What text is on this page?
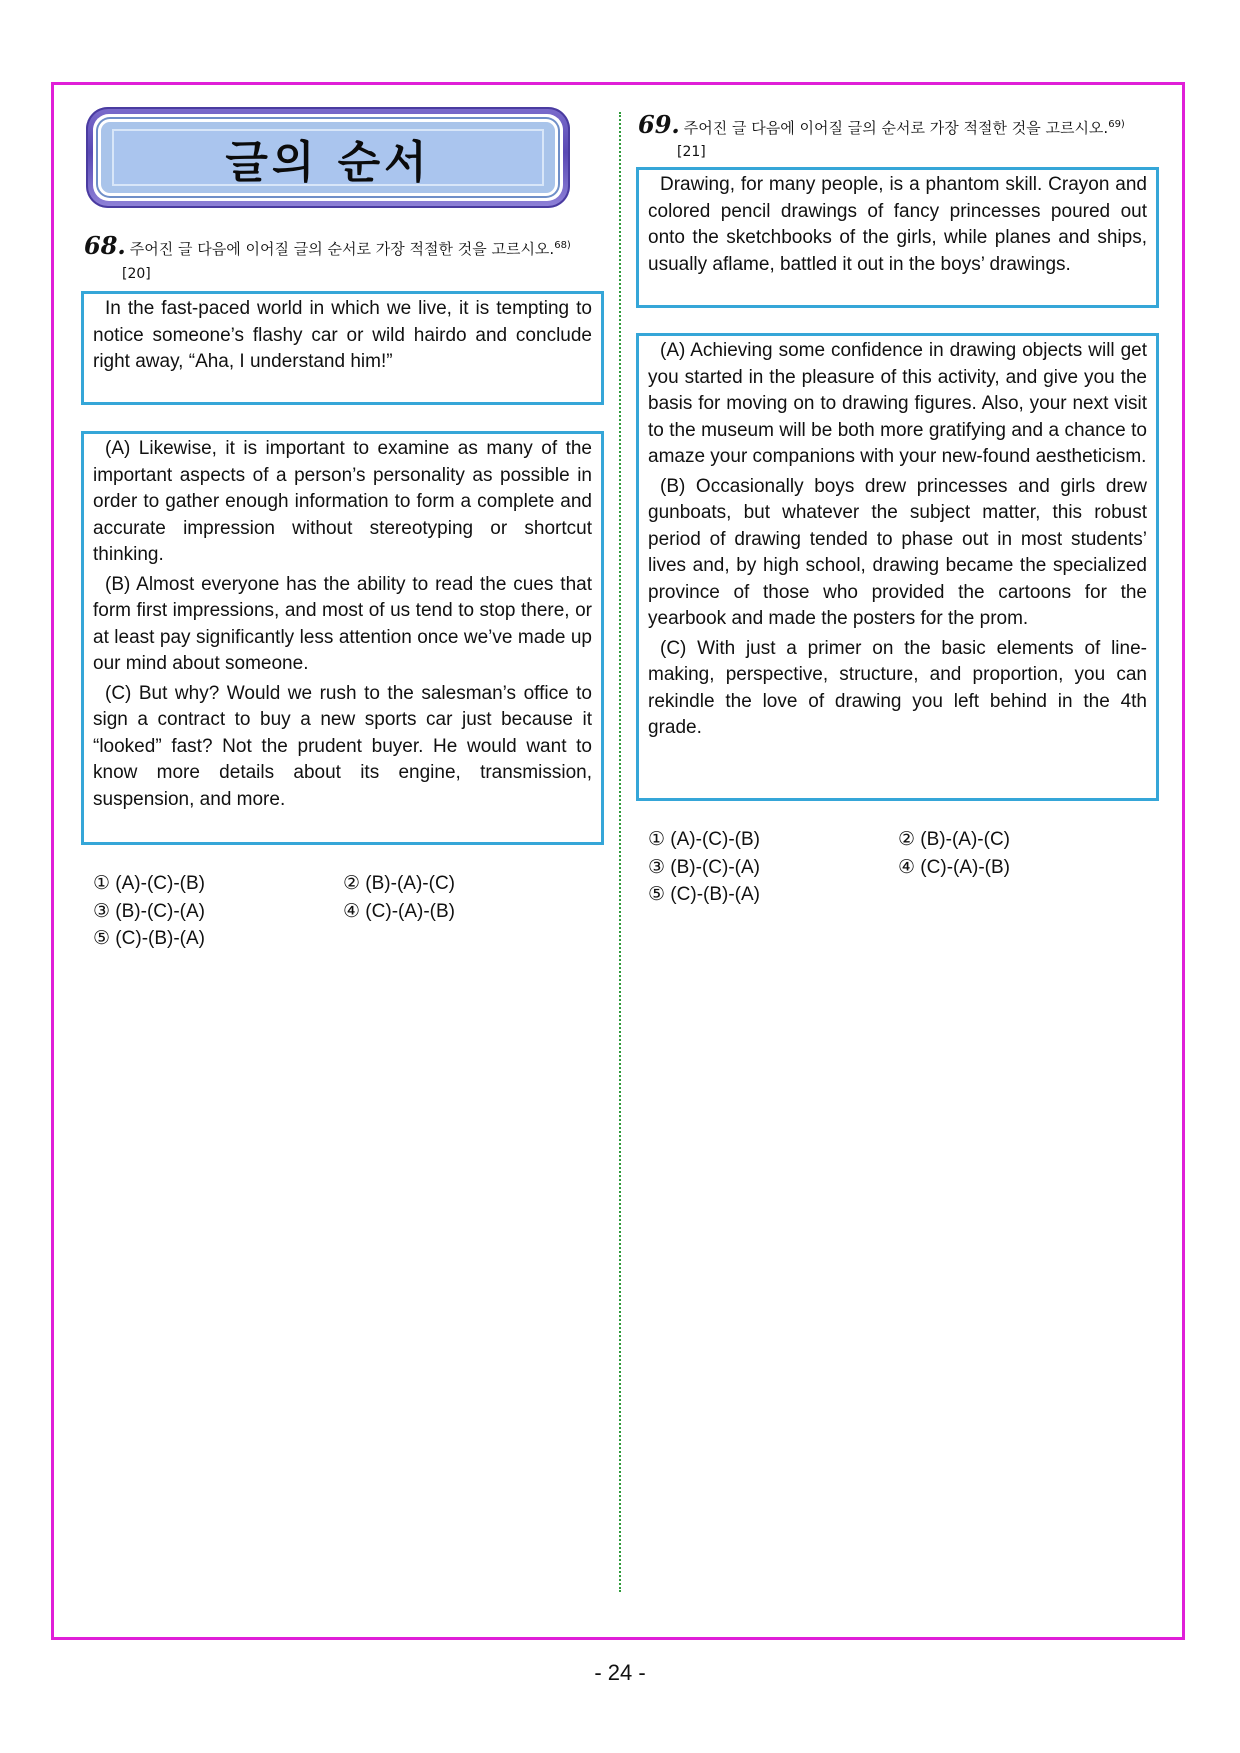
글의 순서
68. 주어진 글 다음에 이어질 글의 순서로 가장 적절한 것을 고르시오.$^{68)}$
[20]

In the fast-paced world in which we live, it is tempting to notice someone’s flashy car or wild hairdo and conclude right away, “Aha, I understand him!”

(A) Likewise, it is important to examine as many of the important aspects of a person’s personality as possible in order to gather enough information to form a complete and accurate impression without stereotyping or shortcut thinking.

(B) Almost everyone has the ability to read the cues that form first impressions, and most of us tend to stop there, or at least pay significantly less attention once we’ve made up our mind about someone.

(C) But why? Would we rush to the salesman’s office to sign a contract to buy a new sports car just because it “looked” fast? Not the prudent buyer. He would want to know more details about its engine, transmission, suspension, and more.

① (A)-(C)-(B)	② (B)-(A)-(C)
③ (B)-(C)-(A)	④ (C)-(A)-(B)
⑤ (C)-(B)-(A)
69. 주어진 글 다음에 이어질 글의 순서로 가장 적절한 것을 고르시오.$^{69)}$
[21]

Drawing, for many people, is a phantom skill. Crayon and colored pencil drawings of fancy princesses poured out onto the sketchbooks of the girls, while planes and ships, usually aflame, battled it out in the boys’ drawings.

(A) Achieving some confidence in drawing objects will get you started in the pleasure of this activity, and give you the basis for moving on to drawing figures. Also, your next visit to the museum will be both more gratifying and a chance to amaze your companions with your new-found aestheticism.

(B) Occasionally boys drew princesses and girls drew gunboats, but whatever the subject matter, this robust period of drawing tended to phase out in most students’ lives and, by high school, drawing became the specialized province of those who provided the cartoons for the yearbook and made the posters for the prom.

(C) With just a primer on the basic elements of line-making, perspective, structure, and proportion, you can rekindle the love of drawing you left behind in the 4th grade.

① (A)-(C)-(B)	② (B)-(A)-(C)
③ (B)-(C)-(A)	④ (C)-(A)-(B)
⑤ (C)-(B)-(A)
- 24 -
